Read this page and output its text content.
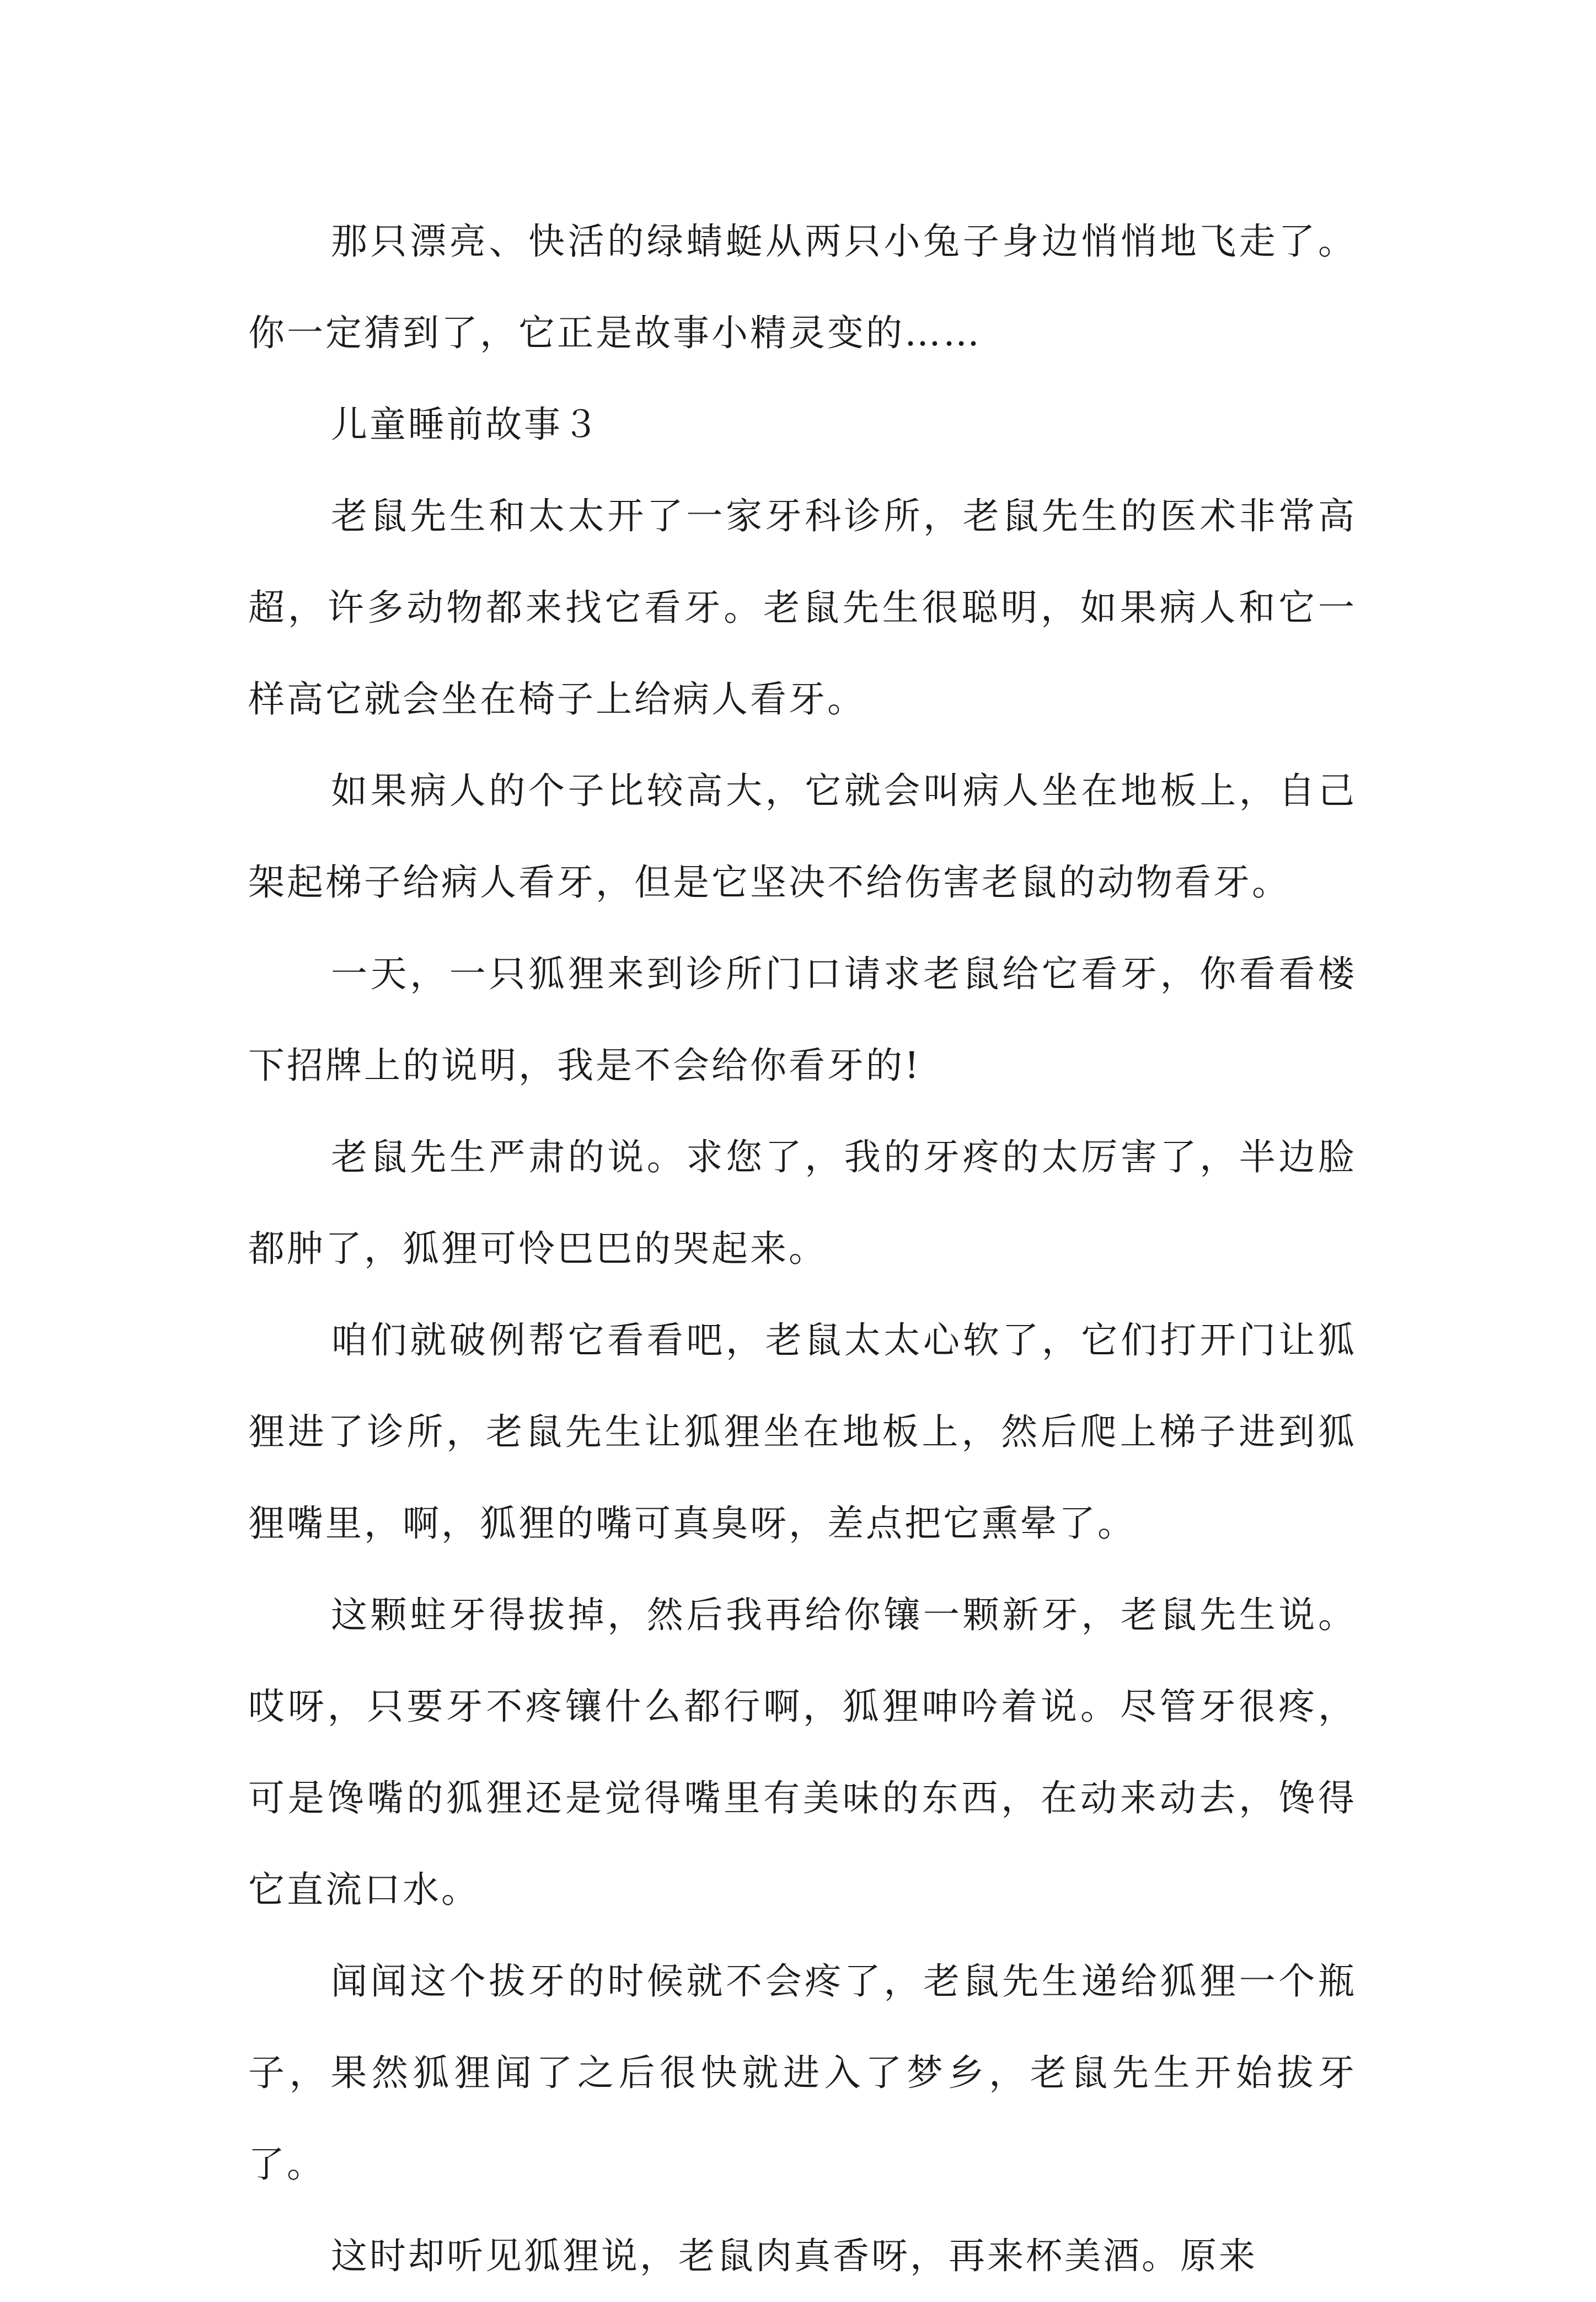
那只漂亮、快活的绿蜻蜓从两只小兔子身边悄悄地飞走了。你一定猜到了，它正是故事小精灵变的……

儿童睡前故事３

老鼠先生和太太开了一家牙科诊所，老鼠先生的医术非常高超，许多动物都来找它看牙。老鼠先生很聪明，如果病人和它一样高它就会坐在椅子上给病人看牙。

如果病人的个子比较高大，它就会叫病人坐在地板上，自己架起梯子给病人看牙，但是它坚决不给伤害老鼠的动物看牙。

一天，一只狐狸来到诊所门口请求老鼠给它看牙，你看看楼下招牌上的说明，我是不会给你看牙的!

老鼠先生严肃的说。求您了，我的牙疼的太厉害了，半边脸都肿了，狐狸可怜巴巴的哭起来。

咱们就破例帮它看看吧，老鼠太太心软了，它们打开门让狐狸进了诊所，老鼠先生让狐狸坐在地板上，然后爬上梯子进到狐狸嘴里，啊，狐狸的嘴可真臭呀，差点把它熏晕了。

这颗蛀牙得拔掉，然后我再给你镶一颗新牙，老鼠先生说。哎呀，只要牙不疼镶什么都行啊，狐狸呻吟着说。尽管牙很疼，可是馋嘴的狐狸还是觉得嘴里有美味的东西，在动来动去，馋得它直流口水。

闻闻这个拔牙的时候就不会疼了，老鼠先生递给狐狸一个瓶子，果然狐狸闻了之后很快就进入了梦乡，老鼠先生开始拔牙了。

这时却听见狐狸说，老鼠肉真香呀，再来杯美酒。原来
